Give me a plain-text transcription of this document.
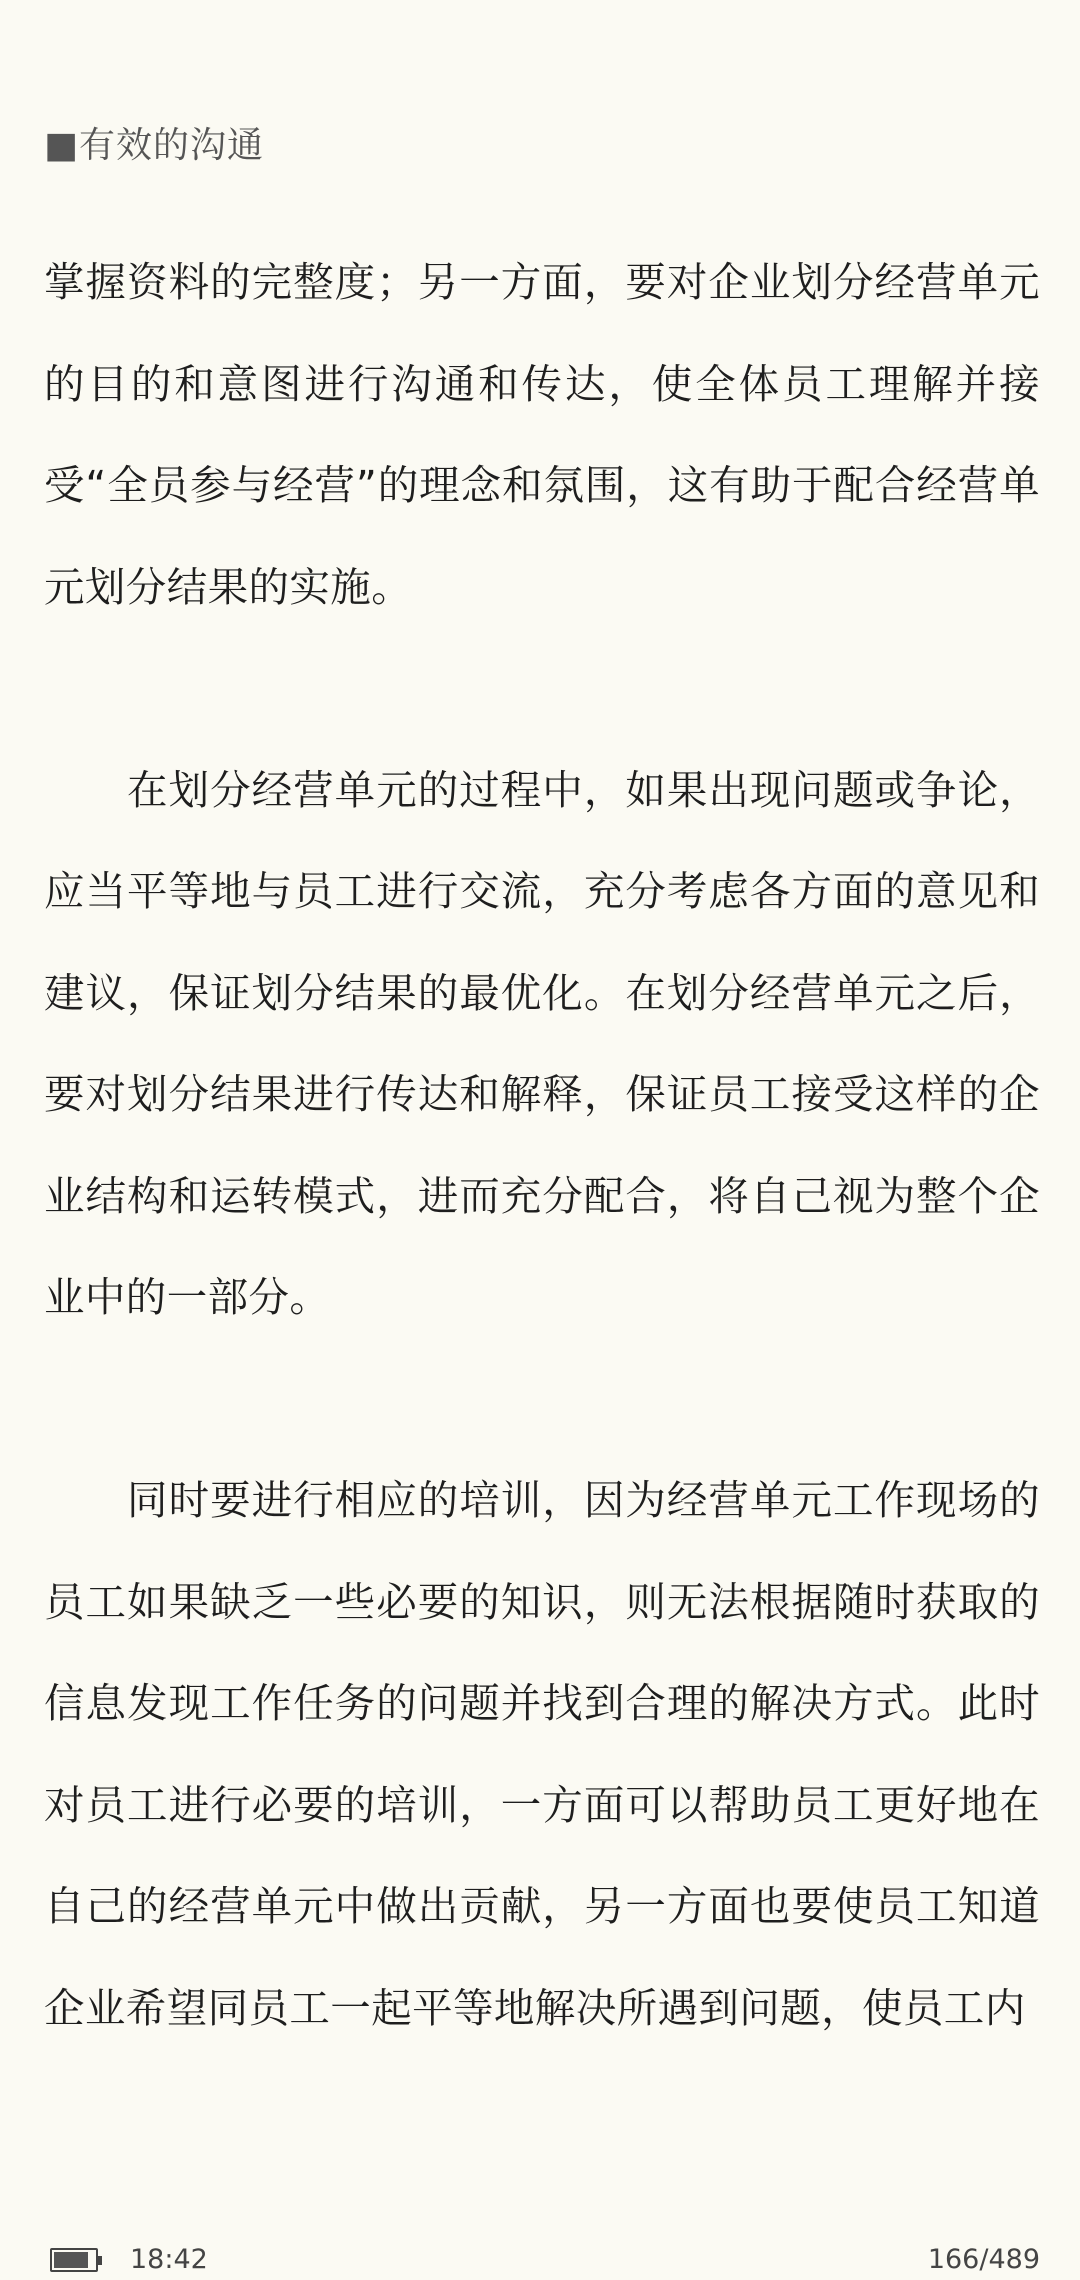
■有效的沟通

掌握资料的完整度；另一方面，要对企业划分经营单元的目的和意图进行沟通和传达，使全体员工理解并接受“全员参与经营”的理念和氛围，这有助于配合经营单元划分结果的实施。

　　在划分经营单元的过程中，如果出现问题或争论，应当平等地与员工进行交流，充分考虑各方面的意见和建议，保证划分结果的最优化。在划分经营单元之后，要对划分结果进行传达和解释，保证员工接受这样的企业结构和运转模式，进而充分配合，将自己视为整个企业中的一部分。

　　同时要进行相应的培训，因为经营单元工作现场的员工如果缺乏一些必要的知识，则无法根据随时获取的信息发现工作任务的问题并找到合理的解决方式。此时对员工进行必要的培训，一方面可以帮助员工更好地在自己的经营单元中做出贡献，另一方面也要使员工知道企业希望同员工一起平等地解决所遇到问题，使员工内

18:42	166/489
